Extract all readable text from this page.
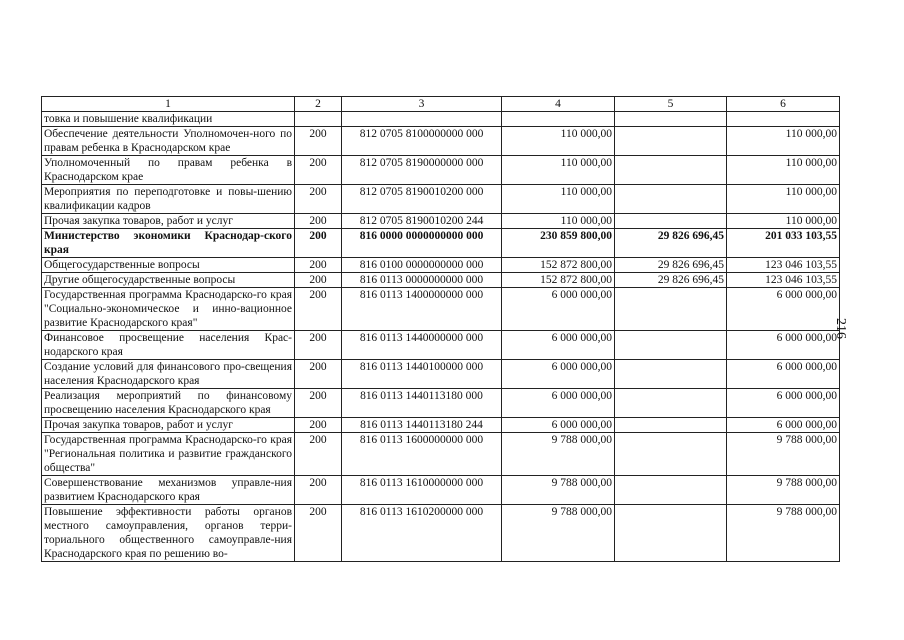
1	2	3	4	5	6
товка и повышение квалификации					
Обеспечение деятельности Уполномочен-ного по правам ребенка в Краснодарском крае	200	812 0705 8100000000 000	110 000,00		110 000,00
Уполномоченный по правам ребенка в Краснодарском крае	200	812 0705 8190000000 000	110 000,00		110 000,00
Мероприятия по переподготовке и повы-шению квалификации кадров	200	812 0705 8190010200 000	110 000,00		110 000,00
Прочая закупка товаров, работ и услуг	200	812 0705 8190010200 244	110 000,00		110 000,00
Министерство экономики Краснодар-ского края	200	816 0000 0000000000 000	230 859 800,00	29 826 696,45	201 033 103,55
Общегосударственные вопросы	200	816 0100 0000000000 000	152 872 800,00	29 826 696,45	123 046 103,55
Другие общегосударственные вопросы	200	816 0113 0000000000 000	152 872 800,00	29 826 696,45	123 046 103,55
Государственная программа Краснодарско-го края "Социально-экономическое и инно-вационное развитие Краснодарского края"	200	816 0113 1400000000 000	6 000 000,00		6 000 000,00
Финансовое просвещение населения Крас-нодарского края	200	816 0113 1440000000 000	6 000 000,00		6 000 000,00
Создание условий для финансового про-свещения населения Краснодарского края	200	816 0113 1440100000 000	6 000 000,00		6 000 000,00
Реализация мероприятий по финансовому просвещению населения Краснодарского края	200	816 0113 1440113180 000	6 000 000,00		6 000 000,00
Прочая закупка товаров, работ и услуг	200	816 0113 1440113180 244	6 000 000,00		6 000 000,00
Государственная программа Краснодарско-го края "Региональная политика и развитие гражданского общества"	200	816 0113 1600000000 000	9 788 000,00		9 788 000,00
Совершенствование механизмов управле-ния развитием Краснодарского края	200	816 0113 1610000000 000	9 788 000,00		9 788 000,00
Повышение эффективности работы органов местного самоуправления, органов терри-ториального общественного самоуправле-ния Краснодарского края по решению во-	200	816 0113 1610200000 000	9 788 000,00		9 788 000,00
216
